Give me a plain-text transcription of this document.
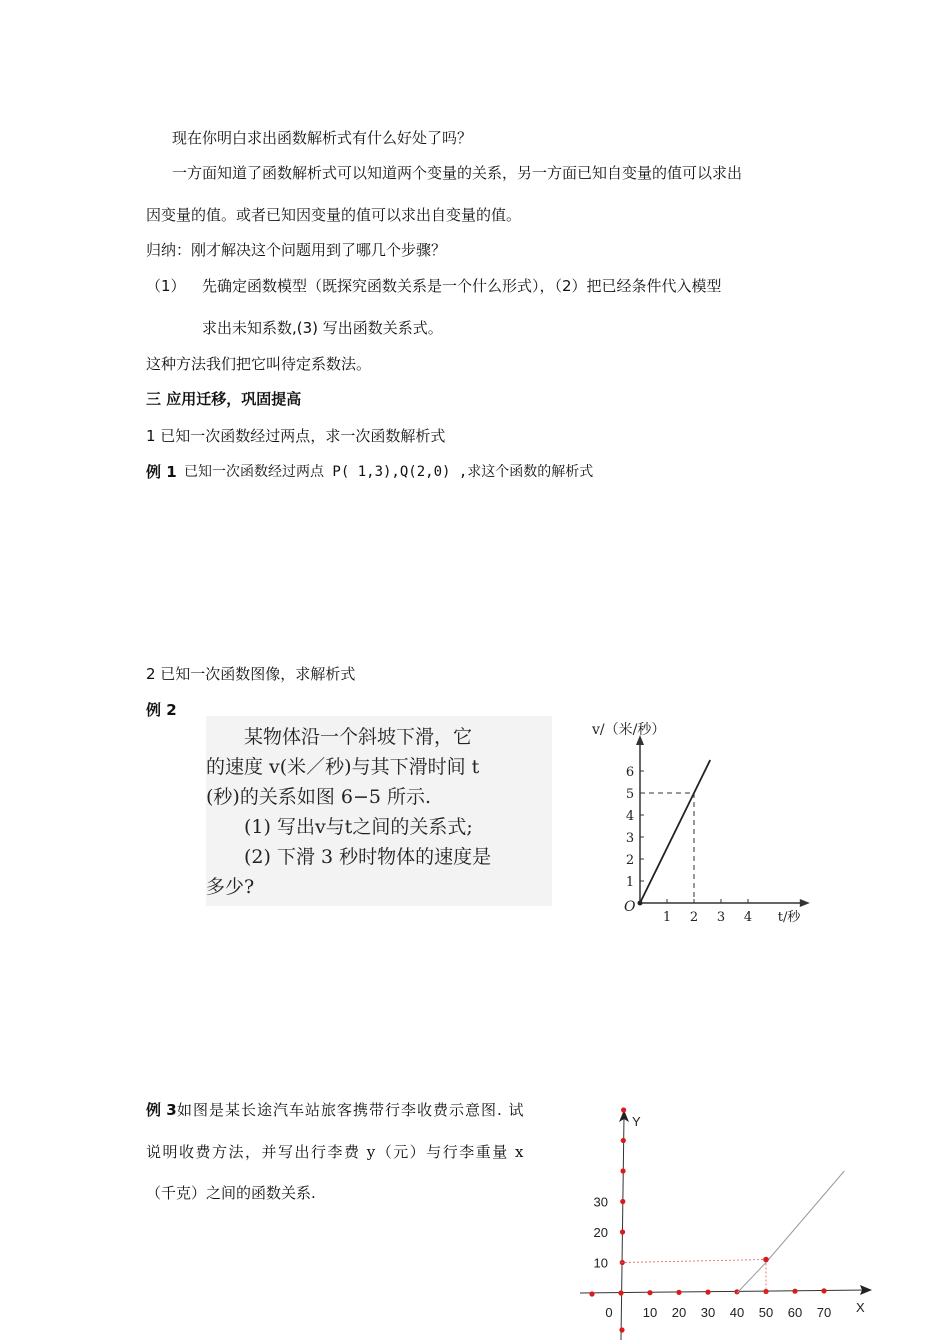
现在你明白求出函数解析式有什么好处了吗？
一方面知道了函数解析式可以知道两个变量的关系，另一方面已知自变量的值可以求出
因变量的值。或者已知因变量的值可以求出自变量的值。
归纳：刚才解决这个问题用到了哪几个步骤？
（1） 先确定函数模型（既探究函数关系是一个什么形式），（2）把已经条件代入模型
求出未知系数,(3) 写出函数关系式。
这种方法我们把它叫待定系数法。
三 应用迁移，巩固提高
1 已知一次函数经过两点，求一次函数解析式
例 1 已知一次函数经过两点 P( 1,3),Q(2,0) ,求这个函数的解析式
2 已知一次函数图像，求解析式
例 2
　　某物体沿一个斜坡下滑，它
的速度 v(米／秒)与其下滑时间 t
(秒)的关系如图 6−5 所示.
　　(1) 写出v与t之间的关系式;
　　(2) 下滑 3 秒时物体的速度是
多少?
1 2 3 4
1
2
3
4
5
6
O
v/（米/秒）
t/秒
例 3 如图是某长途汽车站旅客携带行李收费示意图. 试
说明收费方法，并写出行李费 y（元）与行李重量 x
（千克）之间的函数关系.
Y
X
0 10 20 30 40 50 60 70
10
20
30
